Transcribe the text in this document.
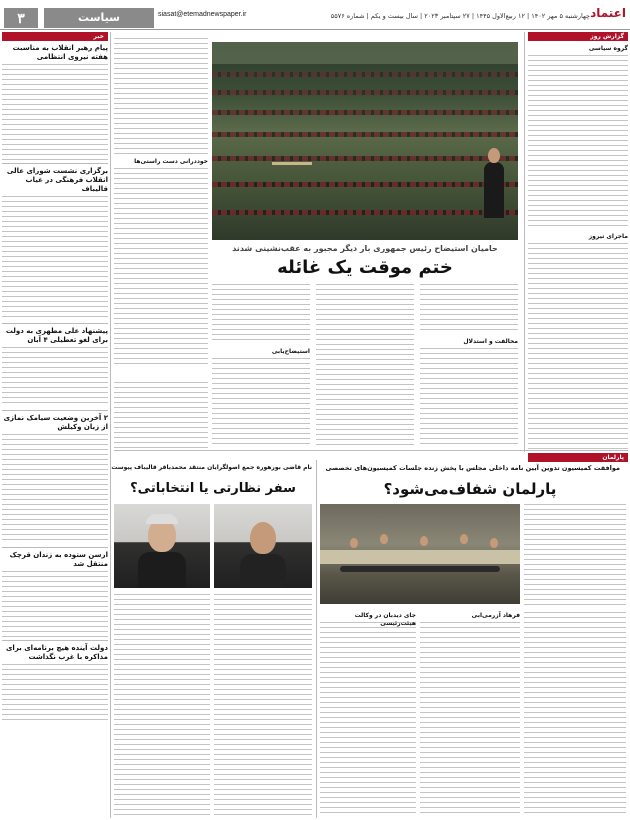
۳	سیاست	siasat@etemadnewspaper.ir	چهارشنبه ۵ مهر ۱۴۰۲ | ۱۲ ربیع‌الاول ۱۴۴۵ | ۲۷ سپتامبر ۲۰۲۳ | سال بیست و یکم | شماره ۵۵۷۶ اعتماد
خبر
پیام رهبر انقلاب به مناسبت هفته نیروی انتظامی
برگزاری نشست شورای عالی انقلاب فرهنگی در غیاب قالیباف
پیشنهاد علی مطهری به دولت برای لغو تعطیلی ۴ آبان
۲ آخرین وضعیت سیامک نمازی از زبان وکیلش
ارسن ستوده به زندان قرچک منتقل شد
دولت آینده هیچ برنامه‌ای برای مذاکره با غرب نگذاشت
گزارش روز
گروه سیاسی
ماجرای تیروز
خوددرانی دست راستی‌ها
حامیان استیضاح رئیس جمهوری بار دیگر مجبور به عقب‌نشینی شدند
ختم موقت یک غائله
مخالفت و استدلال
استیضاح‌یابی
پارلمان
موافقت کمیسیون تدوین آیین نامه داخلی مجلس با پخش زنده جلسات کمیسیون‌های تخصصی
پارلمان شفاف‌می‌شود؟
فرهاد آزرمی‌ابی
جای دیدبان در وکالت هیئت‌رئیسی
نام قاضی بورهوره جمع اصولگرایان منتقد محمدباقر قالیباف پیوست
سفر نظارتی یا انتخاباتی؟
